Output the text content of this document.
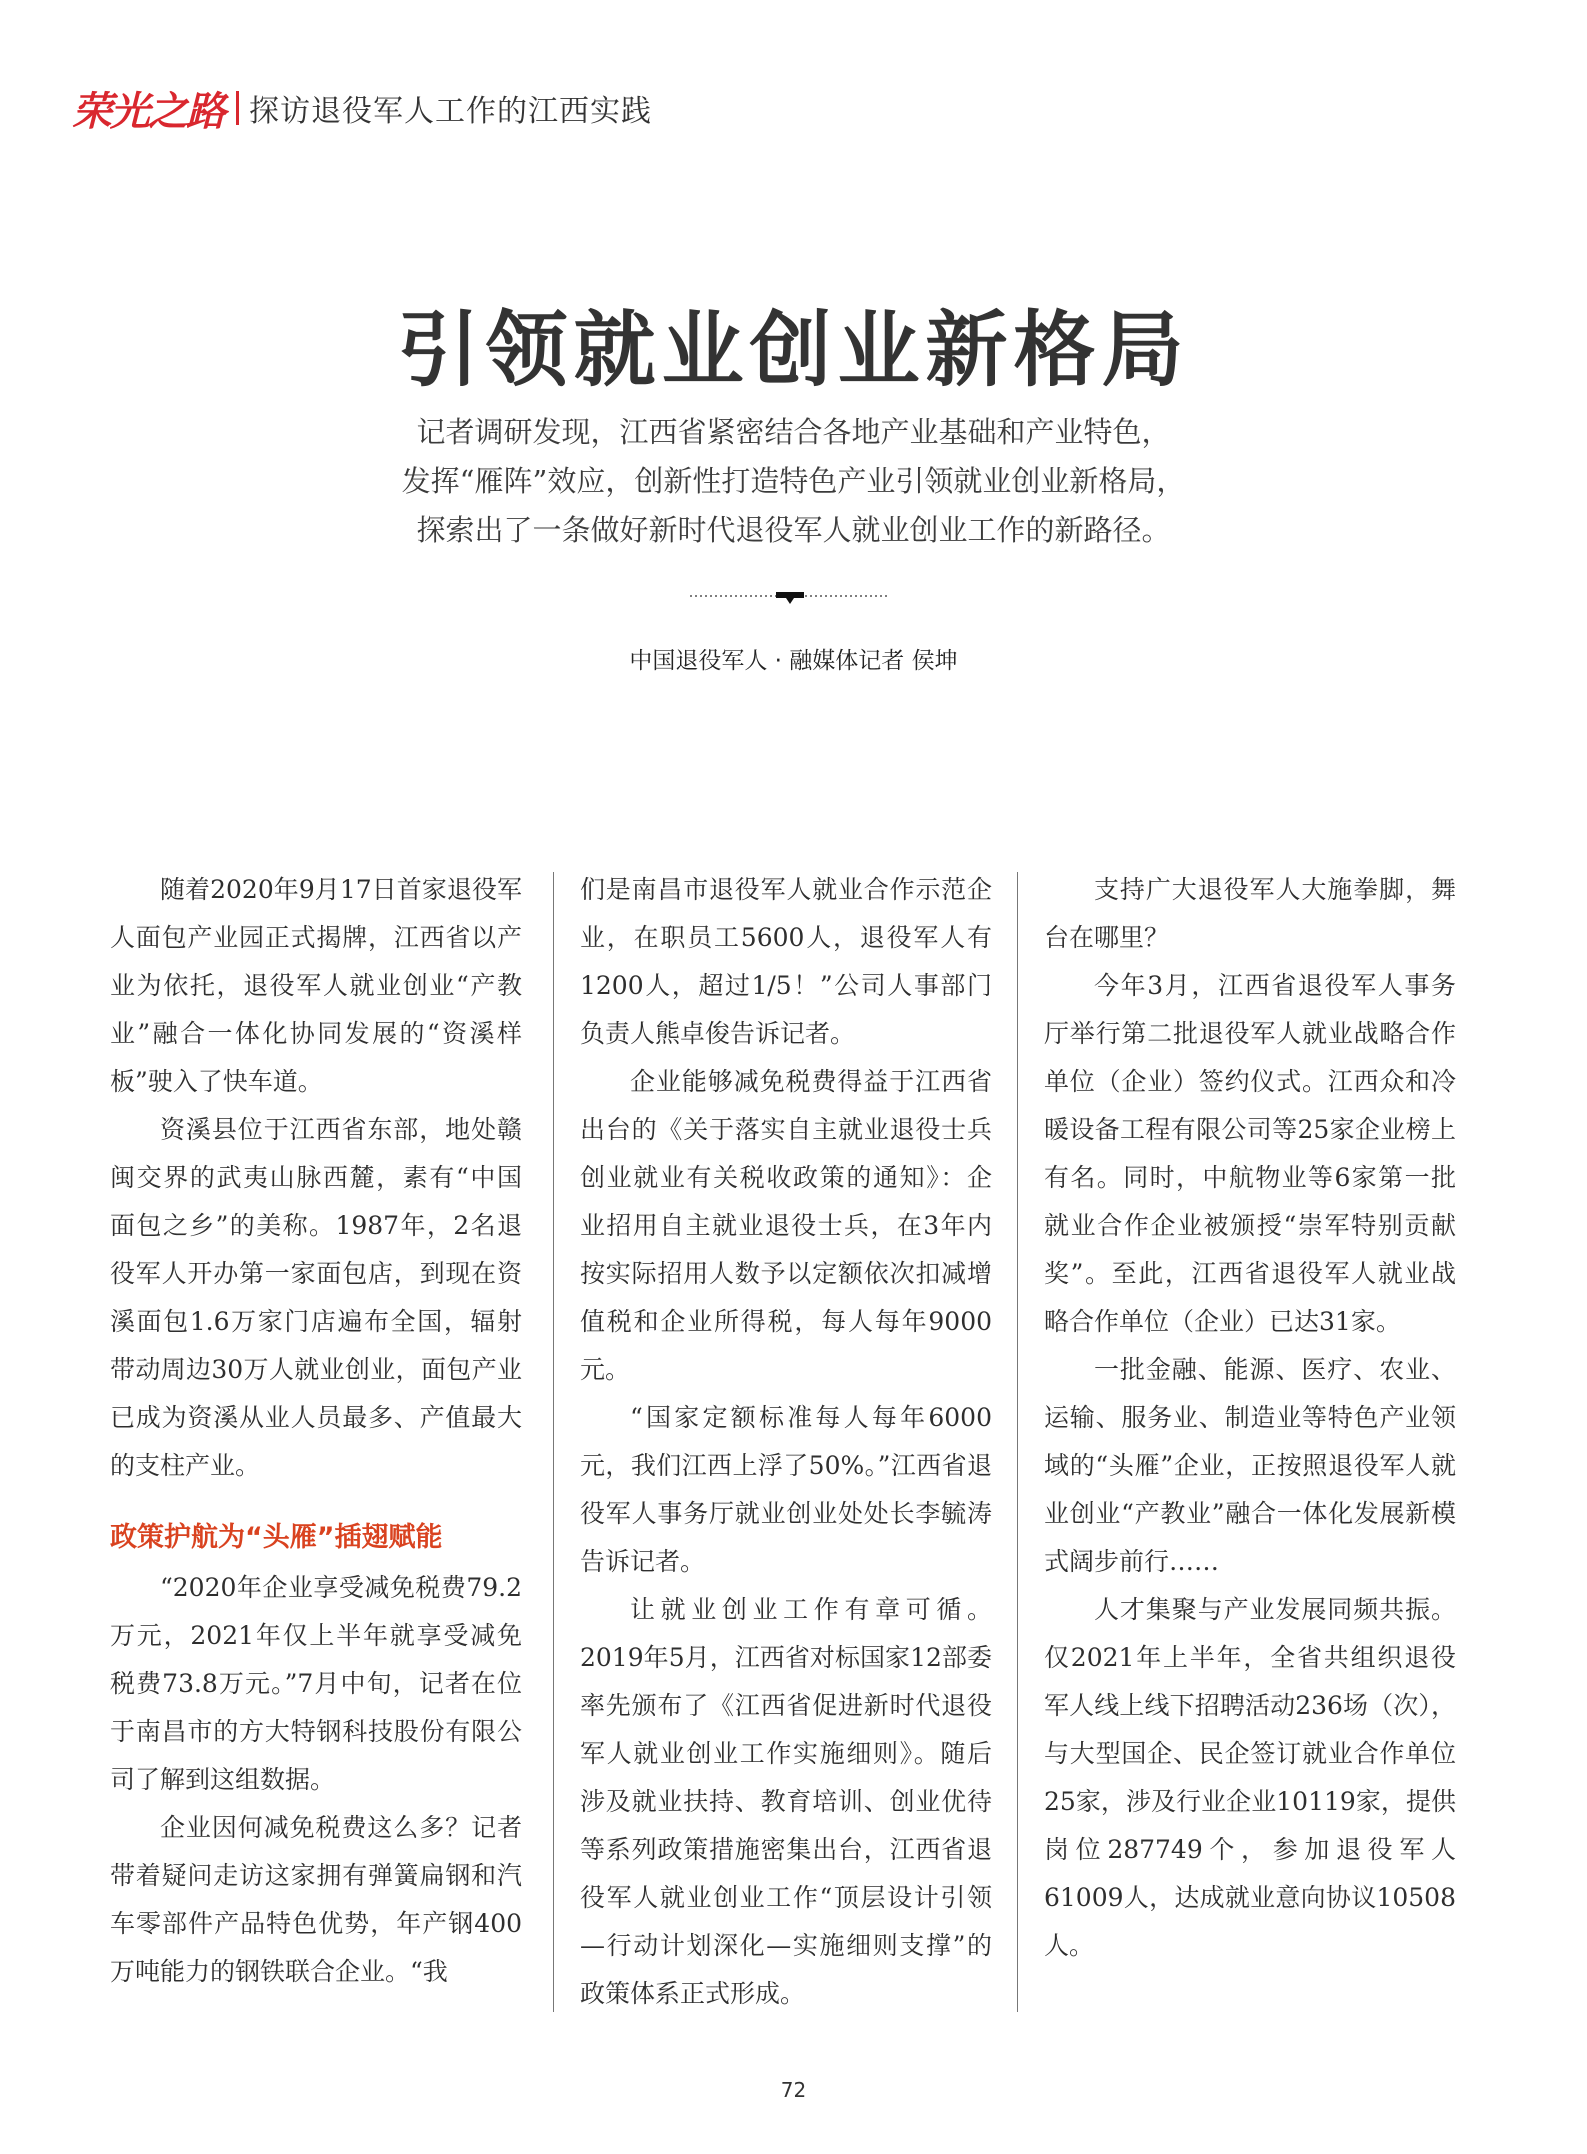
荣光之路 探访退役军人工作的江西实践
引领就业创业新格局
记者调研发现，江西省紧密结合各地产业基础和产业特色，
发挥“雁阵”效应，创新性打造特色产业引领就业创业新格局，
探索出了一条做好新时代退役军人就业创业工作的新路径。
中国退役军人 · 融媒体记者 侯坤

随着2020年9月17日首家退役军人面包产业园正式揭牌，江西省以产业为依托，退役军人就业创业“产教业”融合一体化协同发展的“资溪样板”驶入了快车道。

资溪县位于江西省东部，地处赣闽交界的武夷山脉西麓，素有“中国面包之乡”的美称。1987年，2名退役军人开办第一家面包店，到现在资溪面包1.6万家门店遍布全国，辐射带动周边30万人就业创业，面包产业已成为资溪从业人员最多、产值最大的支柱产业。

政策护航为“头雁”插翅赋能

“2020年企业享受减免税费79.2万元，2021年仅上半年就享受减免税费73.8万元。”7月中旬，记者在位于南昌市的方大特钢科技股份有限公司了解到这组数据。

企业因何减免税费这么多？记者带着疑问走访这家拥有弹簧扁钢和汽车零部件产品特色优势，年产钢400万吨能力的钢铁联合企业。“我

们是南昌市退役军人就业合作示范企业，在职员工5600人，退役军人有1200人，超过1/5！”公司人事部门负责人熊卓俊告诉记者。

企业能够减免税费得益于江西省出台的《关于落实自主就业退役士兵创业就业有关税收政策的通知》：企业招用自主就业退役士兵，在3年内按实际招用人数予以定额依次扣减增值税和企业所得税，每人每年9000元。

“国家定额标准每人每年6000元，我们江西上浮了50%。”江西省退役军人事务厅就业创业处处长李毓涛告诉记者。

让就业创业工作有章可循。2019年5月，江西省对标国家12部委率先颁布了《江西省促进新时代退役军人就业创业工作实施细则》。随后涉及就业扶持、教育培训、创业优待等系列政策措施密集出台，江西省退役军人就业创业工作“顶层设计引领—行动计划深化—实施细则支撑”的政策体系正式形成。

支持广大退役军人大施拳脚，舞台在哪里？

今年3月，江西省退役军人事务厅举行第二批退役军人就业战略合作单位（企业）签约仪式。江西众和冷暖设备工程有限公司等25家企业榜上有名。同时，中航物业等6家第一批就业合作企业被颁授“崇军特别贡献奖”。至此，江西省退役军人就业战略合作单位（企业）已达31家。

一批金融、能源、医疗、农业、运输、服务业、制造业等特色产业领域的“头雁”企业，正按照退役军人就业创业“产教业”融合一体化发展新模式阔步前行……

人才集聚与产业发展同频共振。仅2021年上半年，全省共组织退役军人线上线下招聘活动236场（次），与大型国企、民企签订就业合作单位25家，涉及行业企业10119家，提供岗位287749个，参加退役军人61009人，达成就业意向协议10508人。

72
